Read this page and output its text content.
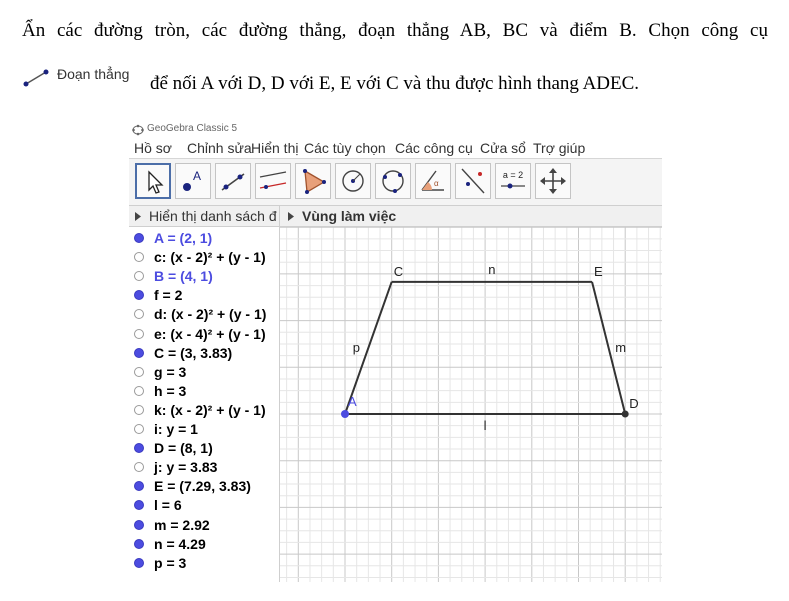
Ẩn các đường tròn, các đường thẳng, đoạn thẳng AB, BC và điểm B. Chọn công cụ
Đoạn thẳng để nối A với D, D với E, E với C và thu được hình thang ADEC.
GeoGebra Classic 5
Hồ sơ Chỉnh sửa Hiển thị Các tùy chọn Các công cụ Cửa sổ Trợ giúp
A
α
a = 2
Hiển thị danh sách đ Vùng làm việc
A = (2, 1)
c: (x - 2)² + (y - 1)
B = (4, 1)
f = 2
d: (x - 2)² + (y - 1)
e: (x - 4)² + (y - 1)
C = (3, 3.83)
g = 3
h = 3
k: (x - 2)² + (y - 1)
i: y = 1
D = (8, 1)
j: y = 3.83
E = (7.29, 3.83)
l = 6
m = 2.92
n = 4.29
p = 3
l
m
n
p
A
C	E
D
